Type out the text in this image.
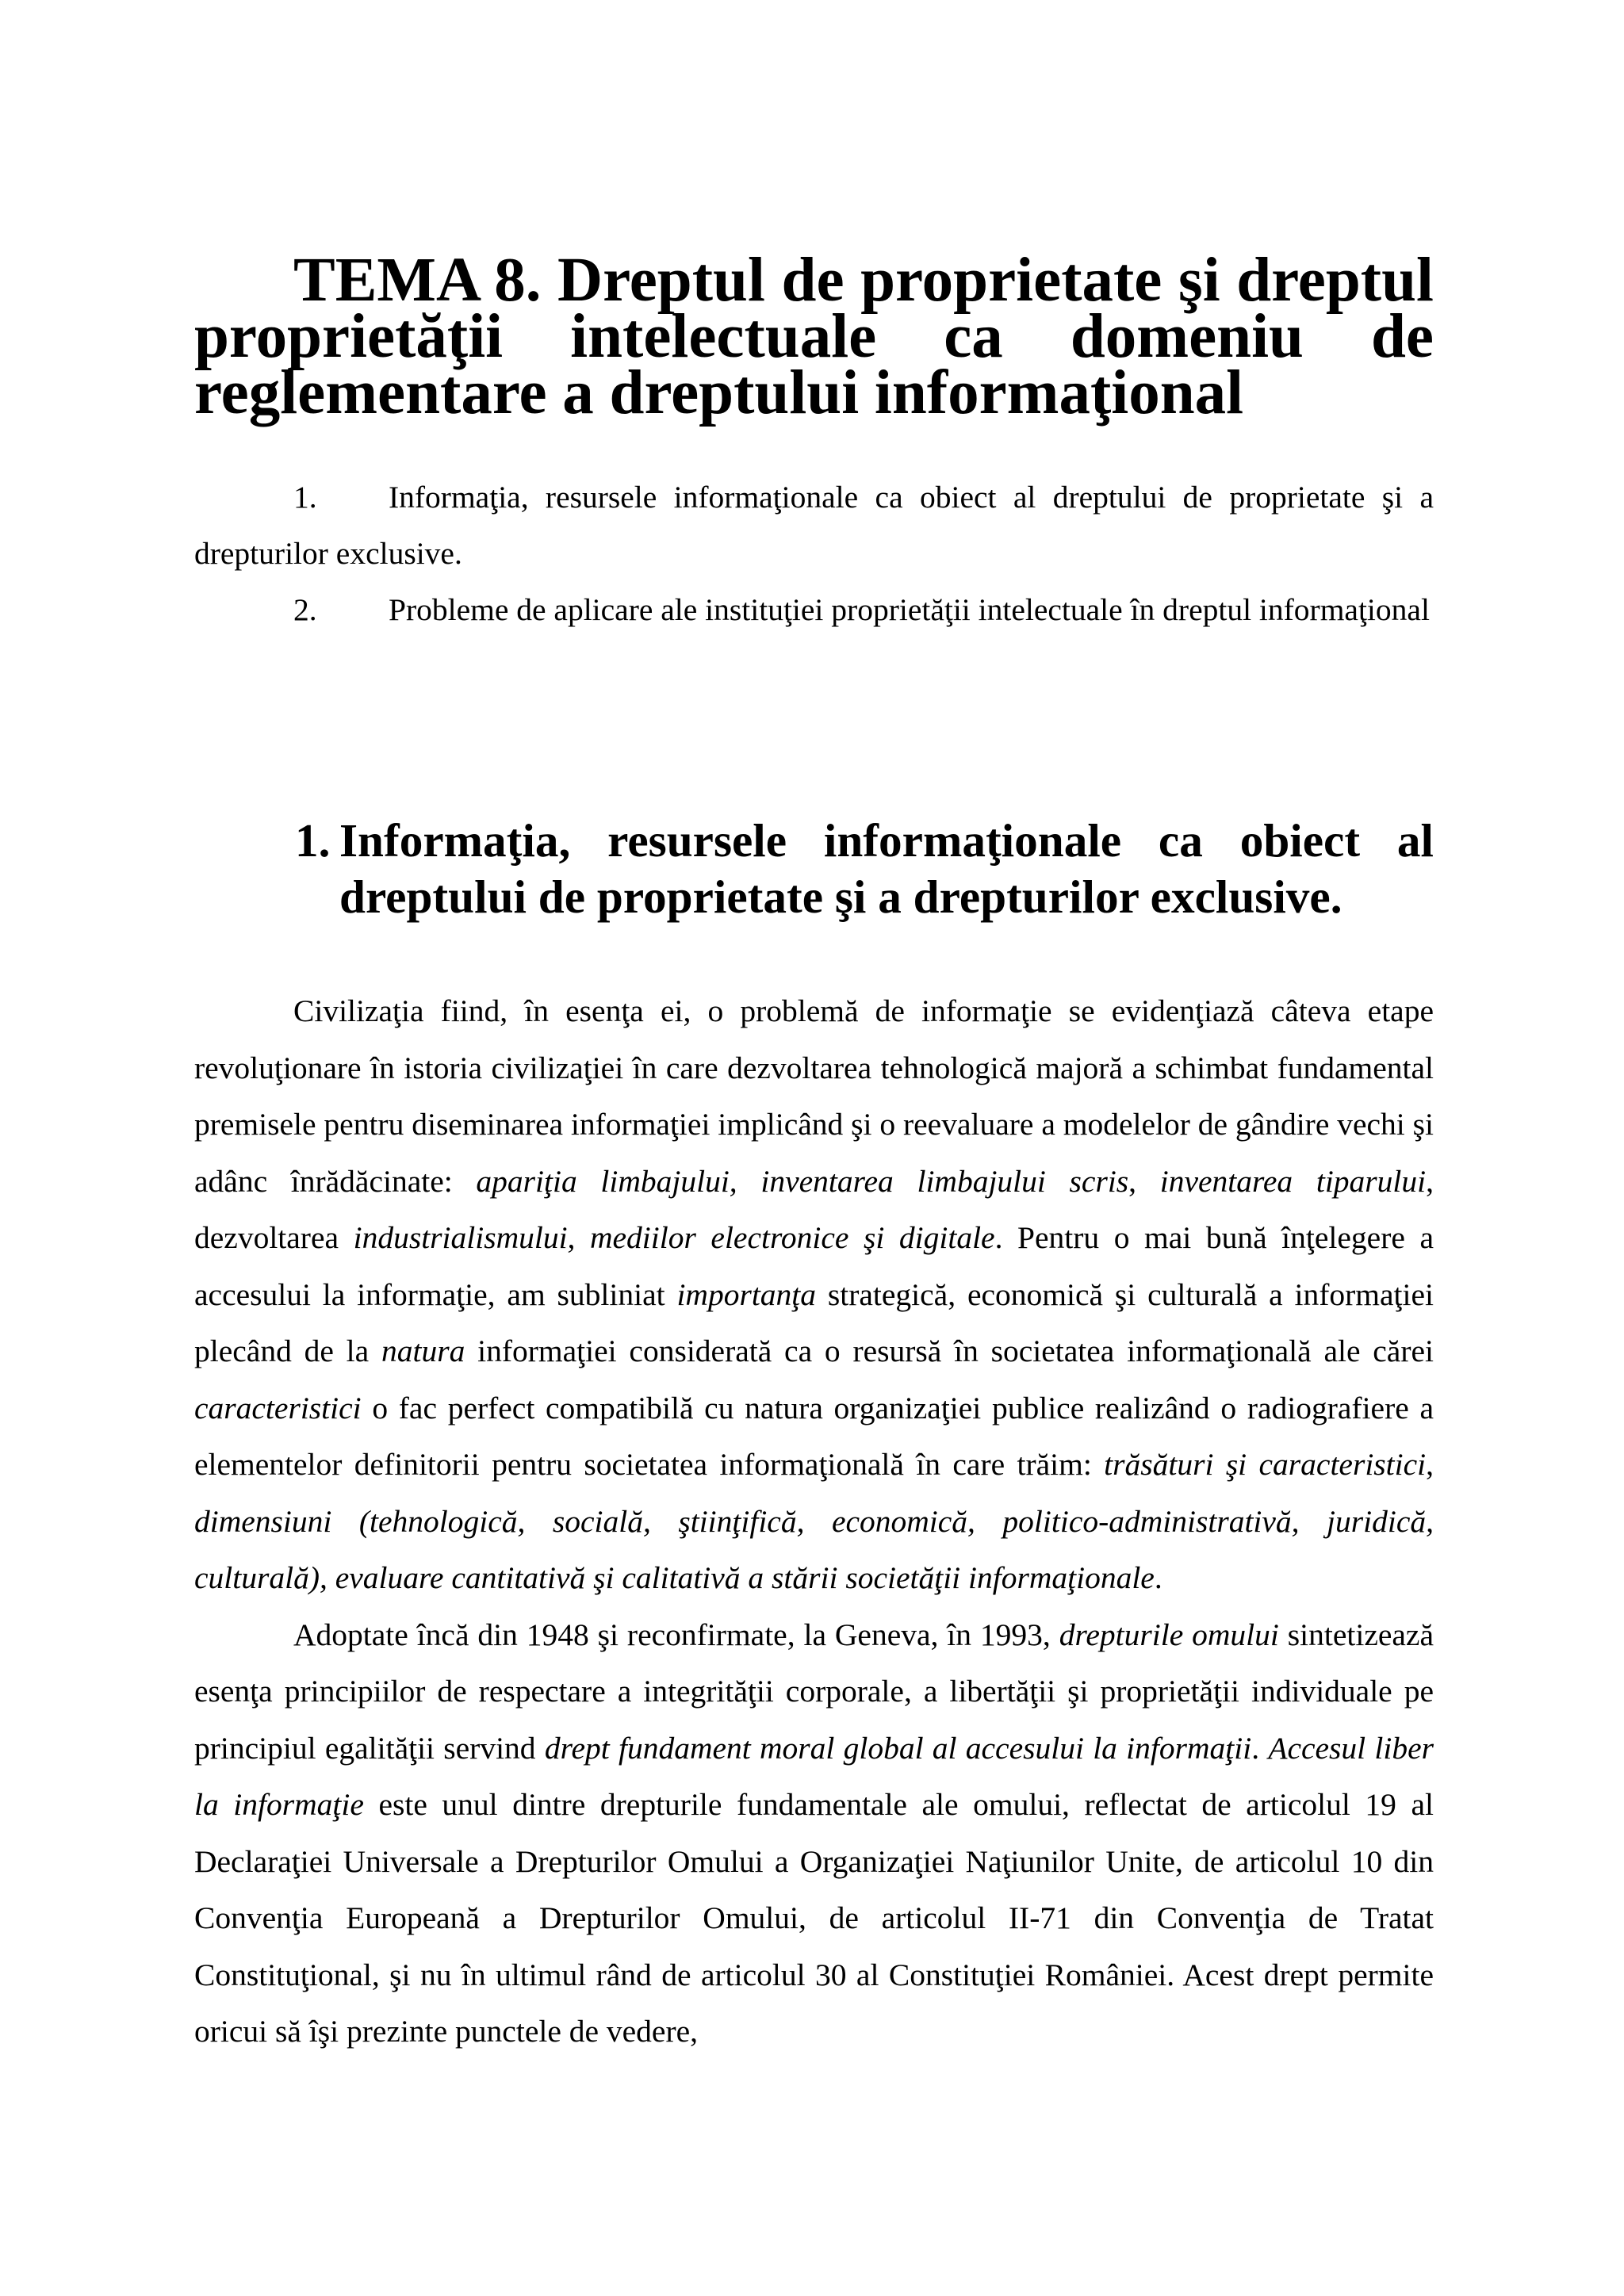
TEMA 8. Dreptul de proprietate şi dreptul proprietăţii intelectuale ca domeniu de reglementare a dreptului informaţional
1. Informaţia, resursele informaţionale ca obiect al dreptului de proprietate şi a drepturilor exclusive.
2. Probleme de aplicare ale instituţiei proprietăţii intelectuale în dreptul informaţional
1. Informaţia, resursele informaţionale ca obiect al dreptului de proprietate şi a drepturilor exclusive.

Civilizaţia fiind, în esenţa ei, o problemă de informaţie se evidenţiază câteva etape revoluţionare în istoria civilizaţiei în care dezvoltarea tehnologică majoră a schimbat fundamental premisele pentru diseminarea informaţiei implicând şi o reevaluare a modelelor de gândire vechi şi adânc înrădăcinate: apariţia limbajului, inventarea limbajului scris, inventarea tiparului, dezvoltarea industrialismului, mediilor electronice şi digitale. Pentru o mai bună înţelegere a accesului la informaţie, am subliniat importanţa strategică, economică şi culturală a informaţiei plecând de la natura informaţiei considerată ca o resursă în societatea informaţională ale cărei caracteristici o fac perfect compatibilă cu natura organizaţiei publice realizând o radiografiere a elementelor definitorii pentru societatea informaţională în care trăim: trăsături şi caracteristici, dimensiuni (tehnologică, socială, ştiinţifică, economică, politico-administrativă, juridică, culturală), evaluare cantitativă şi calitativă a stării societăţii informaţionale.

Adoptate încă din 1948 şi reconfirmate, la Geneva, în 1993, drepturile omului sintetizează esenţa principiilor de respectare a integrităţii corporale, a libertăţii şi proprietăţii individuale pe principiul egalităţii servind drept fundament moral global al accesului la informaţii. Accesul liber la informaţie este unul dintre drepturile fundamentale ale omului, reflectat de articolul 19 al Declaraţiei Universale a Drepturilor Omului a Organizaţiei Naţiunilor Unite, de articolul 10 din Convenţia Europeană a Drepturilor Omului, de articolul II-71 din Convenţia de Tratat Constituţional, şi nu în ultimul rând de articolul 30 al Constituţiei României. Acest drept permite oricui să îşi prezinte punctele de vedere,
